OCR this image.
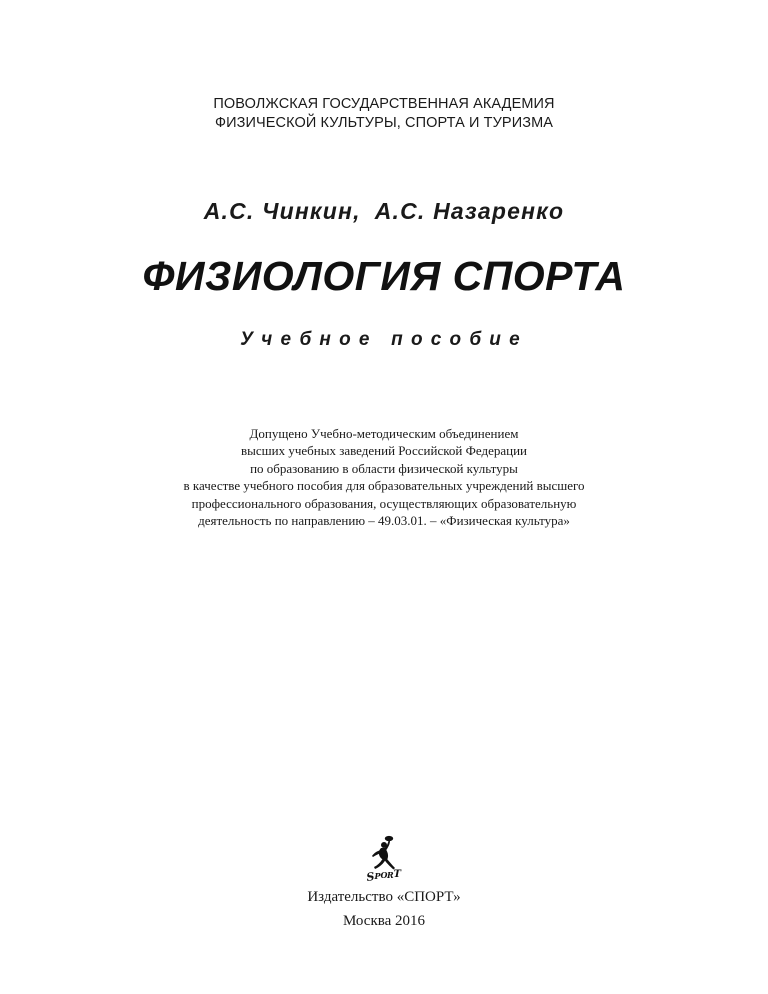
ПОВОЛЖСКАЯ ГОСУДАРСТВЕННАЯ АКАДЕМИЯ
ФИЗИЧЕСКОЙ КУЛЬТУРЫ, СПОРТА И ТУРИЗМА
А.С. Чинкин, А.С. Назаренко
ФИЗИОЛОГИЯ СПОРТА
Учебное пособие
Допущено Учебно-методическим объединением
высших учебных заведений Российской Федерации
по образованию в области физической культуры
в качестве учебного пособия для образовательных учреждений высшего
профессионального образования, осуществляющих образовательную
деятельность по направлению – 49.03.01. – «Физическая культура»
S P O R T
Издательство «СПОРТ»
Москва 2016
